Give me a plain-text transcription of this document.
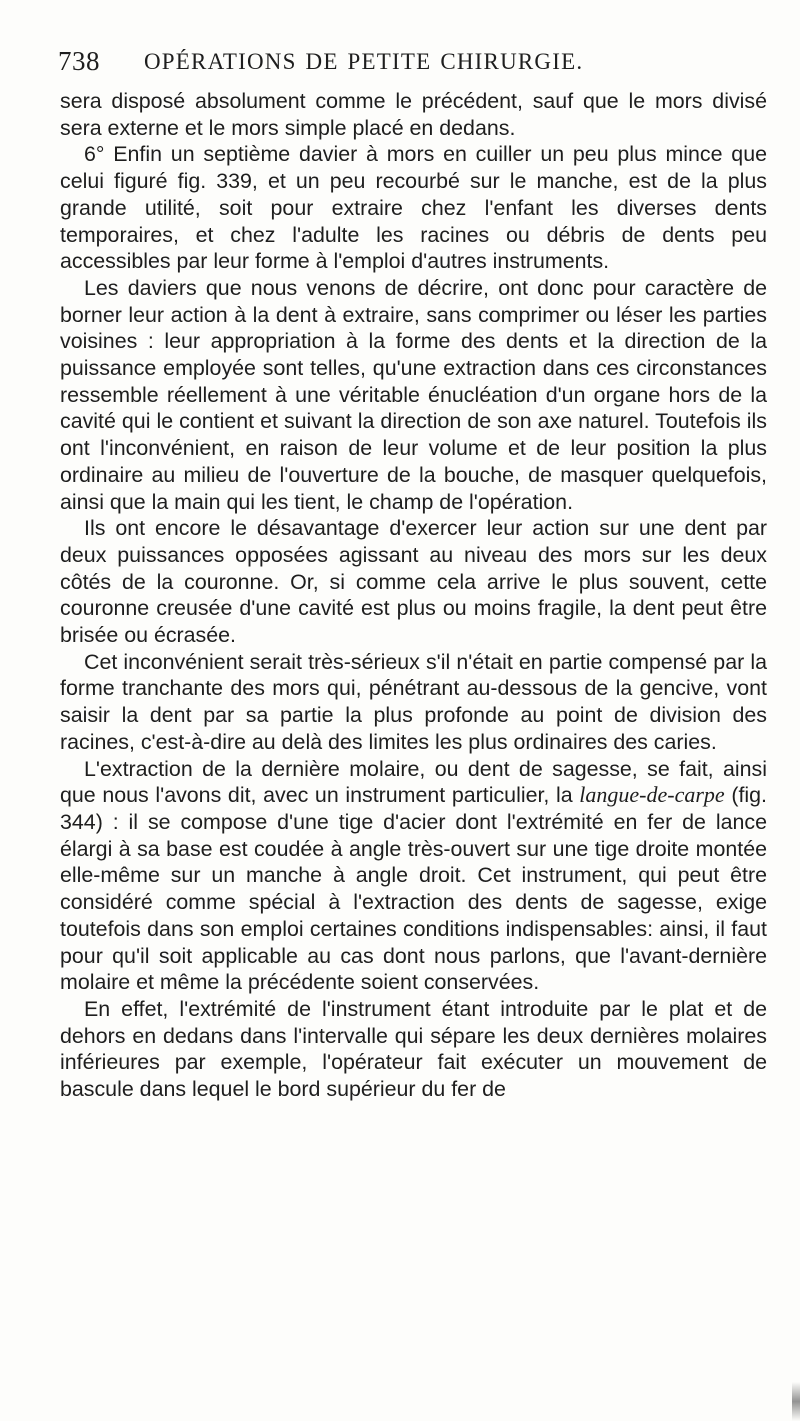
738 OPÉRATIONS DE PETITE CHIRURGIE.

sera disposé absolument comme le précédent, sauf que le mors divisé sera externe et le mors simple placé en dedans.

6° Enfin un septième davier à mors en cuiller un peu plus mince que celui figuré fig. 339, et un peu recourbé sur le manche, est de la plus grande utilité, soit pour extraire chez l'enfant les diverses dents temporaires, et chez l'adulte les racines ou débris de dents peu accessibles par leur forme à l'emploi d'autres instruments.

Les daviers que nous venons de décrire, ont donc pour caractère de borner leur action à la dent à extraire, sans comprimer ou léser les parties voisines : leur appropriation à la forme des dents et la direction de la puissance employée sont telles, qu'une extraction dans ces circonstances ressemble réellement à une véritable énucléation d'un organe hors de la cavité qui le contient et suivant la direction de son axe naturel. Toutefois ils ont l'inconvénient, en raison de leur volume et de leur position la plus ordinaire au milieu de l'ouverture de la bouche, de masquer quelquefois, ainsi que la main qui les tient, le champ de l'opération.

Ils ont encore le désavantage d'exercer leur action sur une dent par deux puissances opposées agissant au niveau des mors sur les deux côtés de la couronne. Or, si comme cela arrive le plus souvent, cette couronne creusée d'une cavité est plus ou moins fragile, la dent peut être brisée ou écrasée.

Cet inconvénient serait très-sérieux s'il n'était en partie compensé par la forme tranchante des mors qui, pénétrant au-dessous de la gencive, vont saisir la dent par sa partie la plus profonde au point de division des racines, c'est-à-dire au delà des limites les plus ordinaires des caries.

L'extraction de la dernière molaire, ou dent de sagesse, se fait, ainsi que nous l'avons dit, avec un instrument particulier, la langue-de-carpe (fig. 344) : il se compose d'une tige d'acier dont l'extrémité en fer de lance élargi à sa base est coudée à angle très-ouvert sur une tige droite montée elle-même sur un manche à angle droit. Cet instrument, qui peut être considéré comme spécial à l'extraction des dents de sagesse, exige toutefois dans son emploi certaines conditions indispensables: ainsi, il faut pour qu'il soit applicable au cas dont nous parlons, que l'avant-dernière molaire et même la précédente soient conservées.

En effet, l'extrémité de l'instrument étant introduite par le plat et de dehors en dedans dans l'intervalle qui sépare les deux dernières molaires inférieures par exemple, l'opérateur fait exécuter un mouvement de bascule dans lequel le bord supérieur du fer de
